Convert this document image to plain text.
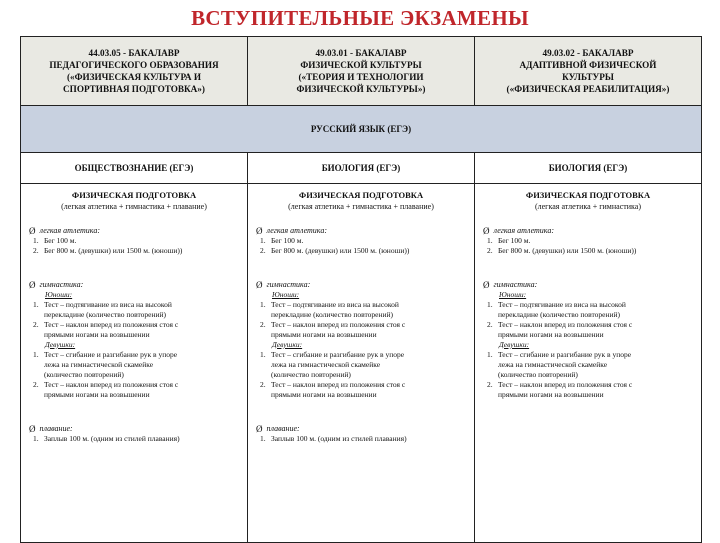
ВСТУПИТЕЛЬНЫЕ ЭКЗАМЕНЫ
44.03.05 - БАКАЛАВР
ПЕДАГОГИЧЕСКОГО ОБРАЗОВАНИЯ
(«ФИЗИЧЕСКАЯ КУЛЬТУРА И
СПОРТИВНАЯ ПОДГОТОВКА»)
49.03.01 - БАКАЛАВР
ФИЗИЧЕСКОЙ КУЛЬТУРЫ
(«ТЕОРИЯ И ТЕХНОЛОГИИ
ФИЗИЧЕСКОЙ КУЛЬТУРЫ»)
49.03.02 - БАКАЛАВР
АДАПТИВНОЙ ФИЗИЧЕСКОЙ
КУЛЬТУРЫ
(«ФИЗИЧЕСКАЯ РЕАБИЛИТАЦИЯ»)
РУССКИЙ ЯЗЫК (ЕГЭ)
ОБЩЕСТВОЗНАНИЕ (ЕГЭ)	БИОЛОГИЯ (ЕГЭ)	БИОЛОГИЯ (ЕГЭ)
ФИЗИЧЕСКАЯ ПОДГОТОВКА
(легкая атлетика + гимнастика + плавание)
Ø легкая атлетика:
1. Бег 100 м.
2. Бег 800 м. (девушки) или 1500 м. (юноши))
Ø гимнастика:
Юноши:
1. Тест – подтягивание из виса на высокой
перекладине (количество повторений)
2. Тест – наклон вперед из положения стоя с
прямыми ногами на возвышении
Девушки:
1. Тест – сгибание и разгибание рук в упоре
лежа на гимнастической скамейке
(количество повторений)
2. Тест – наклон вперед из положения стоя с
прямыми ногами на возвышении
Ø плавание:
1. Заплыв 100 м. (одним из стилей плавания)
ФИЗИЧЕСКАЯ ПОДГОТОВКА
(легкая атлетика + гимнастика + плавание)
Ø легкая атлетика:
1. Бег 100 м.
2. Бег 800 м. (девушки) или 1500 м. (юноши))
Ø гимнастика:
Юноши:
1. Тест – подтягивание из виса на высокой
перекладине (количество повторений)
2. Тест – наклон вперед из положения стоя с
прямыми ногами на возвышении
Девушки:
1. Тест – сгибание и разгибание рук в упоре
лежа на гимнастической скамейке
(количество повторений)
2. Тест – наклон вперед из положения стоя с
прямыми ногами на возвышении
Ø плавание:
1. Заплыв 100 м. (одним из стилей плавания)
ФИЗИЧЕСКАЯ ПОДГОТОВКА
(легкая атлетика + гимнастика)
Ø легкая атлетика:
1. Бег 100 м.
2. Бег 800 м. (девушки) или 1500 м. (юноши))
Ø гимнастика:
Юноши:
1. Тест – подтягивание из виса на высокой
перекладине (количество повторений)
2. Тест – наклон вперед из положения стоя с
прямыми ногами на возвышении
Девушки:
1. Тест – сгибание и разгибание рук в упоре
лежа на гимнастической скамейке
(количество повторений)
2. Тест – наклон вперед из положения стоя с
прямыми ногами на возвышении
